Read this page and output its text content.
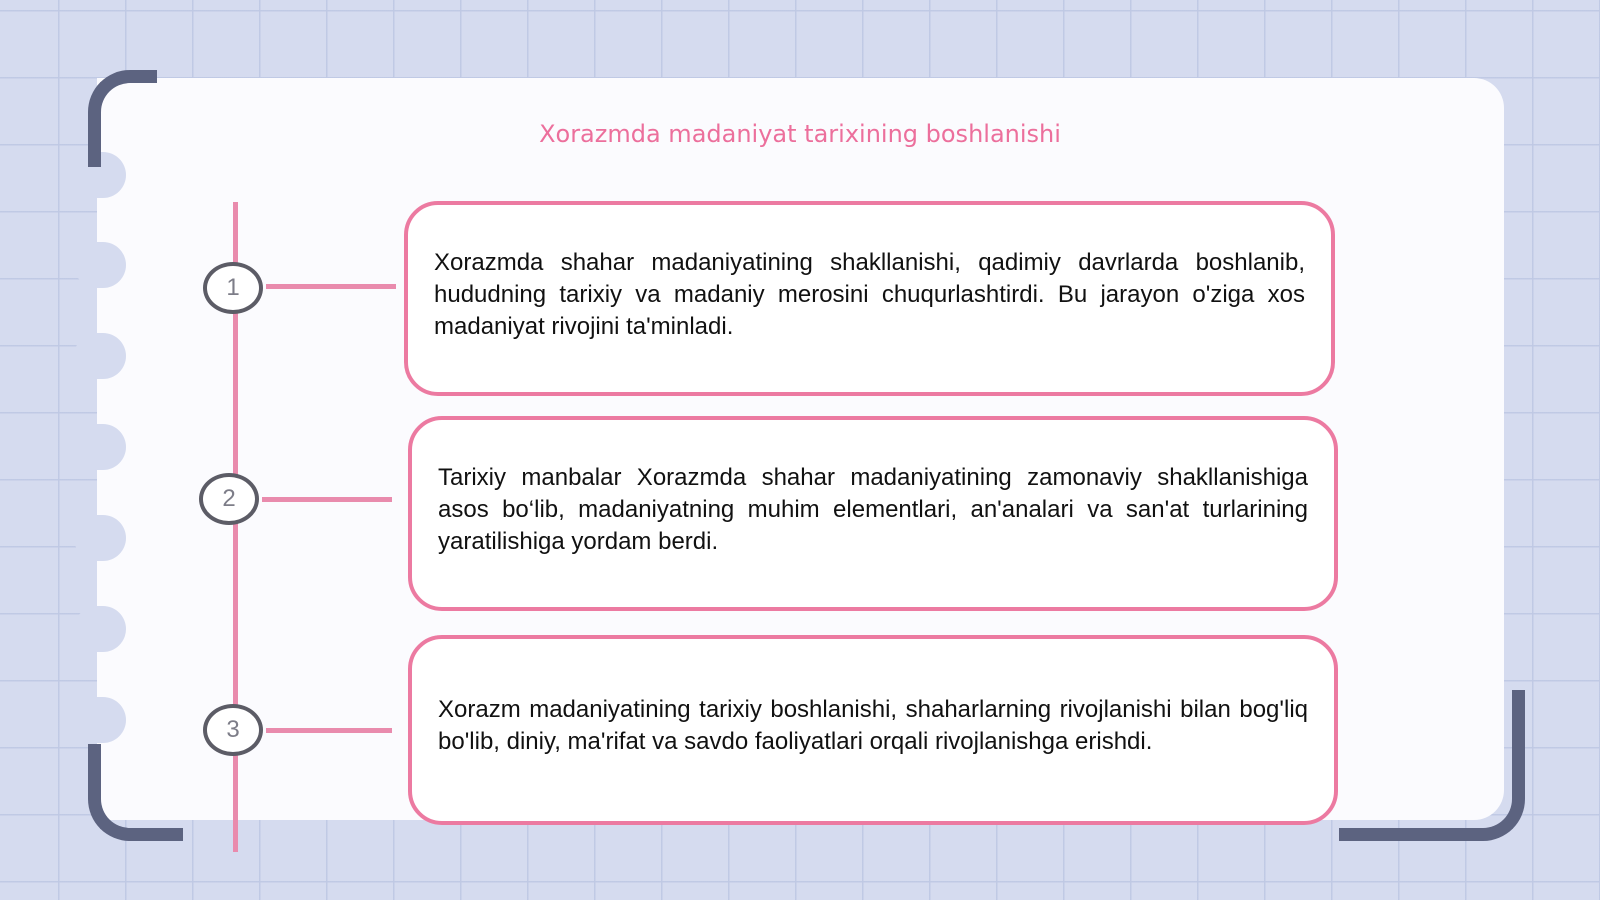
Xorazmda madaniyat tarixining boshlanishi
1
2
3

Xorazmda shahar madaniyatining shakllanishi, qadimiy davrlarda boshlanib, hududning tarixiy va madaniy merosini chuqurlashtirdi. Bu jarayon o'ziga xos madaniyat rivojini ta'minladi.

Tarixiy manbalar Xorazmda shahar madaniyatining zamonaviy shakllanishiga asos bo‘lib, madaniyatning muhim elementlari, an'analari va san'at turlarining yaratilishiga yordam berdi.

Xorazm madaniyatining tarixiy boshlanishi, shaharlarning rivojlanishi bilan bog'liq bo'lib, diniy, ma'rifat va savdo faoliyatlari orqali rivojlanishga erishdi.
